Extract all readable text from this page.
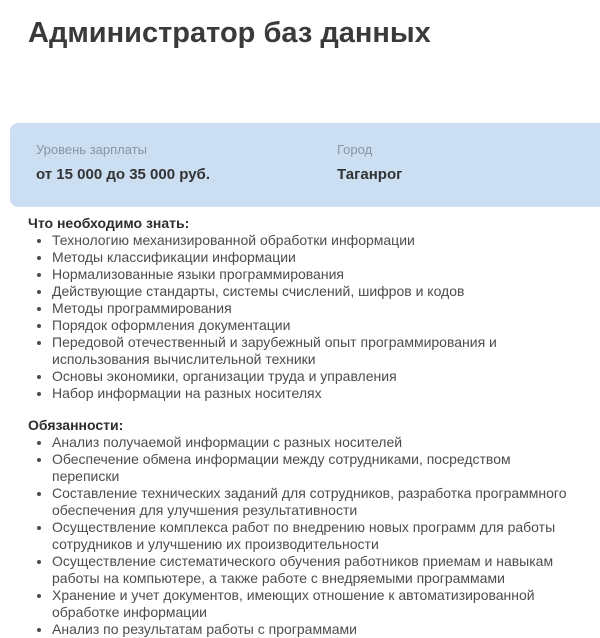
Администратор баз данных
Уровень зарплаты
от 15 000 до 35 000 руб.
Город
Таганрог

Что необходимо знать:

• Технологию механизированной обработки информации
• Методы классификации информации
• Нормализованные языки программирования
• Действующие стандарты, системы счислений, шифров и кодов
• Методы программирования
• Порядок оформления документации
• Передовой отечественный и зарубежный опыт программирования и использования вычислительной техники
• Основы экономики, организации труда и управления
• Набор информации на разных носителях

Обязанности:

• Анализ получаемой информации с разных носителей
• Обеспечение обмена информации между сотрудниками, посредством переписки
• Составление технических заданий для сотрудников, разработка программного обеспечения для улучшения результативности
• Осуществление комплекса работ по внедрению новых программ для работы сотрудников и улучшению их производительности
• Осуществление систематического обучения работников приемам и навыкам работы на компьютере, а также работе с внедряемыми программами
• Хранение и учет документов, имеющих отношение к автоматизированной обработке информации
• Анализ по результатам работы с программами
